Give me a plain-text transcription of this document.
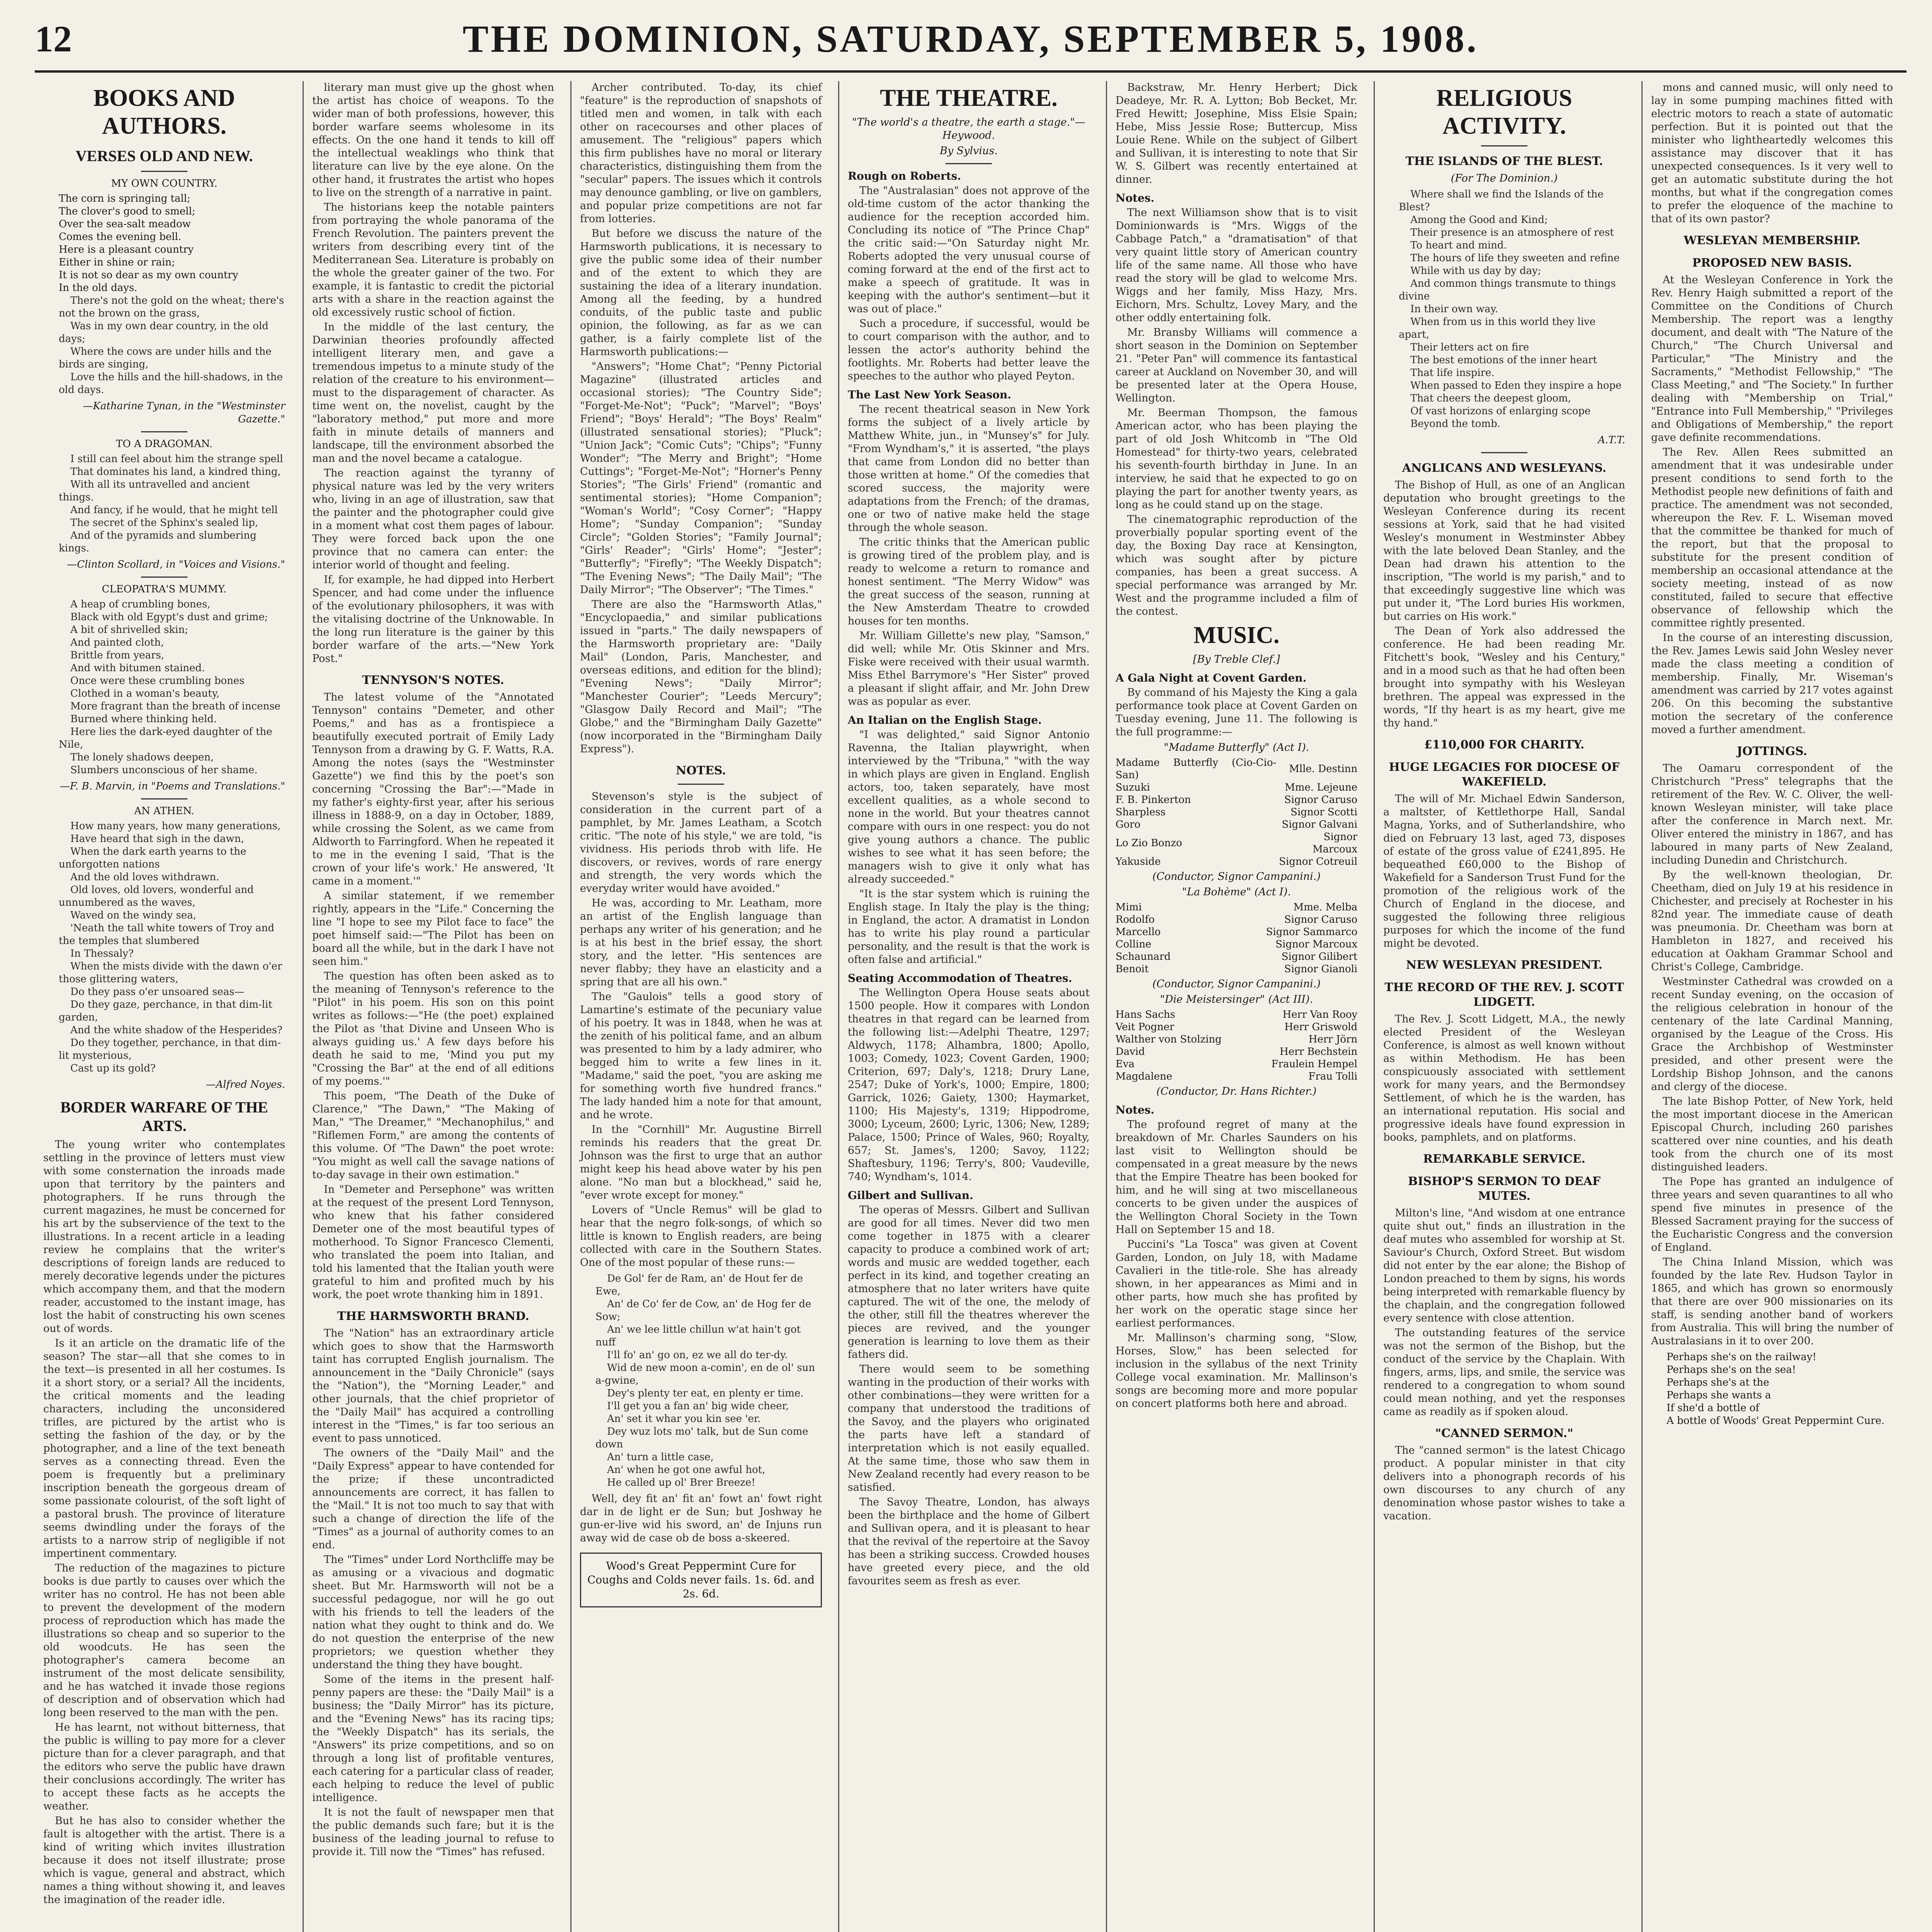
12	THE DOMINION, SATURDAY, SEPTEMBER 5, 1908.
BOOKS AND AUTHORS.
VERSES OLD AND NEW.
MY OWN COUNTRY.
The corn is springing tall;
The clover's good to smell;
Over the sea-salt meadow
Comes the evening bell.
Here is a pleasant country
Either in shine or rain;
It is not so dear as my own country
In the old days.
There's not the gold on the wheat; there's not the brown on the grass,
Was in my own dear country, in the old days;
Where the cows are under hills and the birds are singing,
Love the hills and the hill-shadows, in the old days.
—Katharine Tynan, in the "Westminster Gazette."
TO A DRAGOMAN.
I still can feel about him the strange spell
That dominates his land, a kindred thing,
With all its untravelled and ancient things.
And fancy, if he would, that he might tell
The secret of the Sphinx's sealed lip,
And of the pyramids and slumbering kings.
—Clinton Scollard, in "Voices and Visions."
CLEOPATRA'S MUMMY.
A heap of crumbling bones,
Black with old Egypt's dust and grime;
A bit of shrivelled skin;
And painted cloth,
Brittle from years,
And with bitumen stained.
Once were these crumbling bones
Clothed in a woman's beauty,
More fragrant than the breath of incense
Burned where thinking held.
Here lies the dark-eyed daughter of the Nile,
The lonely shadows deepen,
Slumbers unconscious of her shame.
—F. B. Marvin, in "Poems and Translations."
AN ATHEN.
How many years, how many generations,
Have heard that sigh in the dawn,
When the dark earth yearns to the unforgotten nations
And the old loves withdrawn.
Old loves, old lovers, wonderful and unnumbered as the waves,
Waved on the windy sea,
'Neath the tall white towers of Troy and the temples that slumbered
In Thessaly?
When the mists divide with the dawn o'er those glittering waters,
Do they pass o'er unsoared seas—
Do they gaze, perchance, in that dim-lit garden,
And the white shadow of the Hesperides?
Do they together, perchance, in that dim-lit mysterious,
Cast up its gold?
—Alfred Noyes.
BORDER WARFARE OF THE ARTS.

The young writer who contemplates settling in the province of letters must view with some consternation the inroads made upon that territory by the painters and photographers. If he runs through the current magazines, he must be concerned for his art by the subservience of the text to the illustrations. In a recent article in a leading review he complains that the writer's descriptions of foreign lands are reduced to merely decorative legends under the pictures which accompany them, and that the modern reader, accustomed to the instant image, has lost the habit of constructing his own scenes out of words.

Is it an article on the dramatic life of the season? The star—all that she comes to in the text—is presented in all her costumes. Is it a short story, or a serial? All the incidents, the critical moments and the leading characters, including the unconsidered trifles, are pictured by the artist who is setting the fashion of the day, or by the photographer, and a line of the text beneath serves as a connecting thread. Even the poem is frequently but a preliminary inscription beneath the gorgeous dream of some passionate colourist, of the soft light of a pastoral brush. The province of literature seems dwindling under the forays of the artists to a narrow strip of negligible if not impertinent commentary.

The reduction of the magazines to picture books is due partly to causes over which the writer has no control. He has not been able to prevent the development of the modern process of reproduction which has made the illustrations so cheap and so superior to the old woodcuts. He has seen the photographer's camera become an instrument of the most delicate sensibility, and he has watched it invade those regions of description and of observation which had long been reserved to the man with the pen.

He has learnt, not without bitterness, that the public is willing to pay more for a clever picture than for a clever paragraph, and that the editors who serve the public have drawn their conclusions accordingly. The writer has to accept these facts as he accepts the weather.

But he has also to consider whether the fault is altogether with the artist. There is a kind of writing which invites illustration because it does not itself illustrate; prose which is vague, general and abstract, which names a thing without showing it, and leaves the imagination of the reader idle.

literary man must give up the ghost when the artist has choice of weapons. To the wider man of both professions, however, this border warfare seems wholesome in its effects. On the one hand it tends to kill off the intellectual weaklings who think that literature can live by the eye alone. On the other hand, it frustrates the artist who hopes to live on the strength of a narrative in paint.

The historians keep the notable painters from portraying the whole panorama of the French Revolution. The painters prevent the writers from describing every tint of the Mediterranean Sea. Literature is probably on the whole the greater gainer of the two. For example, it is fantastic to credit the pictorial arts with a share in the reaction against the old excessively rustic school of fiction.

In the middle of the last century, the Darwinian theories profoundly affected intelligent literary men, and gave a tremendous impetus to a minute study of the relation of the creature to his environment—must to the disparagement of character. As time went on, the novelist, caught by the "laboratory method," put more and more faith in minute details of manners and landscape, till the environment absorbed the man and the novel became a catalogue.

The reaction against the tyranny of physical nature was led by the very writers who, living in an age of illustration, saw that the painter and the photographer could give in a moment what cost them pages of labour. They were forced back upon the one province that no camera can enter: the interior world of thought and feeling.

If, for example, he had dipped into Herbert Spencer, and had come under the influence of the evolutionary philosophers, it was with the vitalising doctrine of the Unknowable. In the long run literature is the gainer by this border warfare of the arts.—"New York Post."

TENNYSON'S NOTES.

The latest volume of the "Annotated Tennyson" contains "Demeter, and other Poems," and has as a frontispiece a beautifully executed portrait of Emily Lady Tennyson from a drawing by G. F. Watts, R.A. Among the notes (says the "Westminster Gazette") we find this by the poet's son concerning "Crossing the Bar":—"Made in my father's eighty-first year, after his serious illness in 1888-9, on a day in October, 1889, while crossing the Solent, as we came from Aldworth to Farringford. When he repeated it to me in the evening I said, 'That is the crown of your life's work.' He answered, 'It came in a moment.'"

A similar statement, if we remember rightly, appears in the "Life." Concerning the line "I hope to see my Pilot face to face" the poet himself said:—"The Pilot has been on board all the while, but in the dark I have not seen him."

The question has often been asked as to the meaning of Tennyson's reference to the "Pilot" in his poem. His son on this point writes as follows:—"He (the poet) explained the Pilot as 'that Divine and Unseen Who is always guiding us.' A few days before his death he said to me, 'Mind you put my "Crossing the Bar" at the end of all editions of my poems.'"

This poem, "The Death of the Duke of Clarence," "The Dawn," "The Making of Man," "The Dreamer," "Mechanophilus," and "Riflemen Form," are among the contents of this volume. Of "The Dawn" the poet wrote: "You might as well call the savage nations of to-day savage in their own estimation."

In "Demeter and Persephone" was written at the request of the present Lord Tennyson, who knew that his father considered Demeter one of the most beautiful types of motherhood. To Signor Francesco Clementi, who translated the poem into Italian, and told his lamented that the Italian youth were grateful to him and profited much by his work, the poet wrote thanking him in 1891.

THE HARMSWORTH BRAND.

The "Nation" has an extraordinary article which goes to show that the Harmsworth taint has corrupted English journalism. The announcement in the "Daily Chronicle" (says the "Nation"), the "Morning Leader," and other journals, that the chief proprietor of the "Daily Mail" has acquired a controlling interest in the "Times," is far too serious an event to pass unnoticed.

The owners of the "Daily Mail" and the "Daily Express" appear to have contended for the prize; if these uncontradicted announcements are correct, it has fallen to the "Mail." It is not too much to say that with such a change of direction the life of the "Times" as a journal of authority comes to an end.

The "Times" under Lord Northcliffe may be as amusing or a vivacious and dogmatic sheet. But Mr. Harmsworth will not be a successful pedagogue, nor will he go out with his friends to tell the leaders of the nation what they ought to think and do. We do not question the enterprise of the new proprietors; we question whether they understand the thing they have bought.

Some of the items in the present half-penny papers are these: the "Daily Mail" is a business; the "Daily Mirror" has its picture, and the "Evening News" has its racing tips; the "Weekly Dispatch" has its serials, the "Answers" its prize competitions, and so on through a long list of profitable ventures, each catering for a particular class of reader, each helping to reduce the level of public intelligence.

It is not the fault of newspaper men that the public demands such fare; but it is the business of the leading journal to refuse to provide it. Till now the "Times" has refused.

Archer contributed. To-day, its chief "feature" is the reproduction of snapshots of titled men and women, in talk with each other on racecourses and other places of amusement. The "religious" papers which this firm publishes have no moral or literary characteristics, distinguishing them from the "secular" papers. The issues which it controls may denounce gambling, or live on gamblers, and popular prize competitions are not far from lotteries.

But before we discuss the nature of the Harmsworth publications, it is necessary to give the public some idea of their number and of the extent to which they are sustaining the idea of a literary inundation. Among all the feeding, by a hundred conduits, of the public taste and public opinion, the following, as far as we can gather, is a fairly complete list of the Harmsworth publications:—

"Answers"; "Home Chat"; "Penny Pictorial Magazine" (illustrated articles and occasional stories); "The Country Side"; "Forget-Me-Not"; "Puck"; "Marvel"; "Boys' Friend"; "Boys' Herald"; "The Boys' Realm" (illustrated sensational stories); "Pluck"; "Union Jack"; "Comic Cuts"; "Chips"; "Funny Wonder"; "The Merry and Bright"; "Home Cuttings"; "Forget-Me-Not"; "Horner's Penny Stories"; "The Girls' Friend" (romantic and sentimental stories); "Home Companion"; "Woman's World"; "Cosy Corner"; "Happy Home"; "Sunday Companion"; "Sunday Circle"; "Golden Stories"; "Family Journal"; "Girls' Reader"; "Girls' Home"; "Jester"; "Butterfly"; "Firefly"; "The Weekly Dispatch"; "The Evening News"; "The Daily Mail"; "The Daily Mirror"; "The Observer"; "The Times."

There are also the "Harmsworth Atlas," "Encyclopaedia," and similar publications issued in "parts." The daily newspapers of the Harmsworth proprietary are: "Daily Mail" (London, Paris, Manchester, and overseas editions, and edition for the blind); "Evening News"; "Daily Mirror"; "Manchester Courier"; "Leeds Mercury"; "Glasgow Daily Record and Mail"; "The Globe," and the "Birmingham Daily Gazette" (now incorporated in the "Birmingham Daily Express").

NOTES.

Stevenson's style is the subject of consideration in the current part of a pamphlet, by Mr. James Leatham, a Scotch critic. "The note of his style," we are told, "is vividness. His periods throb with life. He discovers, or revives, words of rare energy and strength, the very words which the everyday writer would have avoided."

He was, according to Mr. Leatham, more an artist of the English language than perhaps any writer of his generation; and he is at his best in the brief essay, the short story, and the letter. "His sentences are never flabby; they have an elasticity and a spring that are all his own."

The "Gaulois" tells a good story of Lamartine's estimate of the pecuniary value of his poetry. It was in 1848, when he was at the zenith of his political fame, and an album was presented to him by a lady admirer, who begged him to write a few lines in it. "Madame," said the poet, "you are asking me for something worth five hundred francs." The lady handed him a note for that amount, and he wrote.

In the "Cornhill" Mr. Augustine Birrell reminds his readers that the great Dr. Johnson was the first to urge that an author might keep his head above water by his pen alone. "No man but a blockhead," said he, "ever wrote except for money."

Lovers of "Uncle Remus" will be glad to hear that the negro folk-songs, of which so little is known to English readers, are being collected with care in the Southern States. One of the most popular of these runs:—

De Gol' fer de Ram, an' de Hout fer de Ewe,
An' de Co' fer de Cow, an' de Hog fer de Sow;
An' we lee little chillun w'at hain't got nuff
I'll fo' an' go on, ez we all do ter-dy.
Wid de new moon a-comin', en de ol' sun a-gwine,
Dey's plenty ter eat, en plenty er time.
I'll get you a fan an' big wide cheer,
An' set it whar you kin see 'er.
Dey wuz lots mo' talk, but de Sun come down
An' turn a little case,
An' when he got one awful hot,
He called up ol' Brer Breeze!

Well, dey fit an' fit an' fowt an' fowt right dar in de light er de Sun; but Joshway he gun-er-live wid his sword, an' de Injuns run away wid de case ob de boss a-skeered.

Wood's Great Peppermint Cure for Coughs and Colds never fails. 1s. 6d. and 2s. 6d.
THE THEATRE.
"The world's a theatre, the earth a stage."—Heywood.
By Sylvius.
Rough on Roberts.

The "Australasian" does not approve of the old-time custom of the actor thanking the audience for the reception accorded him. Concluding its notice of "The Prince Chap" the critic said:—"On Saturday night Mr. Roberts adopted the very unusual course of coming forward at the end of the first act to make a speech of gratitude. It was in keeping with the author's sentiment—but it was out of place."

Such a procedure, if successful, would be to court comparison with the author, and to lessen the actor's authority behind the footlights. Mr. Roberts had better leave the speeches to the author who played Peyton.

The Last New York Season.

The recent theatrical season in New York forms the subject of a lively article by Matthew White, jun., in "Munsey's" for July. "From Wyndham's," it is asserted, "the plays that came from London did no better than those written at home." Of the comedies that scored success, the majority were adaptations from the French; of the dramas, one or two of native make held the stage through the whole season.

The critic thinks that the American public is growing tired of the problem play, and is ready to welcome a return to romance and honest sentiment. "The Merry Widow" was the great success of the season, running at the New Amsterdam Theatre to crowded houses for ten months.

Mr. William Gillette's new play, "Samson," did well; while Mr. Otis Skinner and Mrs. Fiske were received with their usual warmth. Miss Ethel Barrymore's "Her Sister" proved a pleasant if slight affair, and Mr. John Drew was as popular as ever.

An Italian on the English Stage.

"I was delighted," said Signor Antonio Ravenna, the Italian playwright, when interviewed by the "Tribuna," "with the way in which plays are given in England. English actors, too, taken separately, have most excellent qualities, as a whole second to none in the world. But your theatres cannot compare with ours in one respect: you do not give young authors a chance. The public wishes to see what it has seen before; the managers wish to give it only what has already succeeded."

"It is the star system which is ruining the English stage. In Italy the play is the thing; in England, the actor. A dramatist in London has to write his play round a particular personality, and the result is that the work is often false and artificial."

Seating Accommodation of Theatres.

The Wellington Opera House seats about 1500 people. How it compares with London theatres in that regard can be learned from the following list:—Adelphi Theatre, 1297; Aldwych, 1178; Alhambra, 1800; Apollo, 1003; Comedy, 1023; Covent Garden, 1900; Criterion, 697; Daly's, 1218; Drury Lane, 2547; Duke of York's, 1000; Empire, 1800; Garrick, 1026; Gaiety, 1300; Haymarket, 1100; His Majesty's, 1319; Hippodrome, 3000; Lyceum, 2600; Lyric, 1306; New, 1289; Palace, 1500; Prince of Wales, 960; Royalty, 657; St. James's, 1200; Savoy, 1122; Shaftesbury, 1196; Terry's, 800; Vaudeville, 740; Wyndham's, 1014.

Gilbert and Sullivan.

The operas of Messrs. Gilbert and Sullivan are good for all times. Never did two men come together in 1875 with a clearer capacity to produce a combined work of art; words and music are wedded together, each perfect in its kind, and together creating an atmosphere that no later writers have quite captured. The wit of the one, the melody of the other, still fill the theatres wherever the pieces are revived, and the younger generation is learning to love them as their fathers did.

There would seem to be something wanting in the production of their works with other combinations—they were written for a company that understood the traditions of the Savoy, and the players who originated the parts have left a standard of interpretation which is not easily equalled. At the same time, those who saw them in New Zealand recently had every reason to be satisfied.

The Savoy Theatre, London, has always been the birthplace and the home of Gilbert and Sullivan opera, and it is pleasant to hear that the revival of the repertoire at the Savoy has been a striking success. Crowded houses have greeted every piece, and the old favourites seem as fresh as ever.

Backstraw, Mr. Henry Herbert; Dick Deadeye, Mr. R. A. Lytton; Bob Becket, Mr. Fred Hewitt; Josephine, Miss Elsie Spain; Hebe, Miss Jessie Rose; Buttercup, Miss Louie Rene. While on the subject of Gilbert and Sullivan, it is interesting to note that Sir W. S. Gilbert was recently entertained at dinner.

Notes.

The next Williamson show that is to visit Dominionwards is "Mrs. Wiggs of the Cabbage Patch," a "dramatisation" of that very quaint little story of American country life of the same name. All those who have read the story will be glad to welcome Mrs. Wiggs and her family, Miss Hazy, Mrs. Eichorn, Mrs. Schultz, Lovey Mary, and the other oddly entertaining folk.

Mr. Bransby Williams will commence a short season in the Dominion on September 21. "Peter Pan" will commence its fantastical career at Auckland on November 30, and will be presented later at the Opera House, Wellington.

Mr. Beerman Thompson, the famous American actor, who has been playing the part of old Josh Whitcomb in "The Old Homestead" for thirty-two years, celebrated his seventh-fourth birthday in June. In an interview, he said that he expected to go on playing the part for another twenty years, as long as he could stand up on the stage.

The cinematographic reproduction of the proverbially popular sporting event of the day, the Boxing Day race at Kensington, which was sought after by picture companies, has been a great success. A special performance was arranged by Mr. West and the programme included a film of the contest.

MUSIC.
[By Treble Clef.]
A Gala Night at Covent Garden.

By command of his Majesty the King a gala performance took place at Covent Garden on Tuesday evening, June 11. The following is the full programme:—

"Madame Butterfly" (Act I).
Madame Butterfly (Cio-Cio-San)	Mlle. Destinn
Suzuki	Mme. Lejeune
F. B. Pinkerton	Signor Caruso
Sharpless	Signor Scotti
Goro	Signor Galvani
Lo Zio Bonzo	Signor Marcoux
Yakuside	Signor Cotreuil
(Conductor, Signor Campanini.)
"La Bohème" (Act I).
Mimi	Mme. Melba
Rodolfo	Signor Caruso
Marcello	Signor Sammarco
Colline	Signor Marcoux
Schaunard	Signor Gilibert
Benoit	Signor Gianoli
(Conductor, Signor Campanini.)
"Die Meistersinger" (Act III).
Hans Sachs	Herr Van Rooy
Veit Pogner	Herr Griswold
Walther von Stolzing	Herr Jörn
David	Herr Bechstein
Eva	Fraulein Hempel
Magdalene	Frau Tolli
(Conductor, Dr. Hans Richter.)
Notes.

The profound regret of many at the breakdown of Mr. Charles Saunders on his last visit to Wellington should be compensated in a great measure by the news that the Empire Theatre has been booked for him, and he will sing at two miscellaneous concerts to be given under the auspices of the Wellington Choral Society in the Town Hall on September 15 and 18.

Puccini's "La Tosca" was given at Covent Garden, London, on July 18, with Madame Cavalieri in the title-role. She has already shown, in her appearances as Mimi and in other parts, how much she has profited by her work on the operatic stage since her earliest performances.

Mr. Mallinson's charming song, "Slow, Horses, Slow," has been selected for inclusion in the syllabus of the next Trinity College vocal examination. Mr. Mallinson's songs are becoming more and more popular on concert platforms both here and abroad.

RELIGIOUS ACTIVITY.
THE ISLANDS OF THE BLEST.
(For The Dominion.)
Where shall we find the Islands of the Blest?
Among the Good and Kind;
Their presence is an atmosphere of rest
To heart and mind.
The hours of life they sweeten and refine
While with us day by day;
And common things transmute to things divine
In their own way.
When from us in this world they live apart,
Their letters act on fire
The best emotions of the inner heart
That life inspire.
When passed to Eden they inspire a hope
That cheers the deepest gloom,
Of vast horizons of enlarging scope
Beyond the tomb.
A.T.T.
ANGLICANS AND WESLEYANS.

The Bishop of Hull, as one of an Anglican deputation who brought greetings to the Wesleyan Conference during its recent sessions at York, said that he had visited Wesley's monument in Westminster Abbey with the late beloved Dean Stanley, and the Dean had drawn his attention to the inscription, "The world is my parish," and to that exceedingly suggestive line which was put under it, "The Lord buries His workmen, but carries on His work."

The Dean of York also addressed the conference. He had been reading Mr. Fitchett's book, "Wesley and his Century," and in a mood such as that he had often been brought into sympathy with his Wesleyan brethren. The appeal was expressed in the words, "If thy heart is as my heart, give me thy hand."

£110,000 FOR CHARITY.
HUGE LEGACIES FOR DIOCESE OF WAKEFIELD.

The will of Mr. Michael Edwin Sanderson, a maltster, of Kettlethorpe Hall, Sandal Magna, Yorks, and of Sutherlandshire, who died on February 13 last, aged 73, disposes of estate of the gross value of £241,895. He bequeathed £60,000 to the Bishop of Wakefield for a Sanderson Trust Fund for the promotion of the religious work of the Church of England in the diocese, and suggested the following three religious purposes for which the income of the fund might be devoted.

NEW WESLEYAN PRESIDENT.
THE RECORD OF THE REV. J. SCOTT LIDGETT.

The Rev. J. Scott Lidgett, M.A., the newly elected President of the Wesleyan Conference, is almost as well known without as within Methodism. He has been conspicuously associated with settlement work for many years, and the Bermondsey Settlement, of which he is the warden, has an international reputation. His social and progressive ideals have found expression in books, pamphlets, and on platforms.

REMARKABLE SERVICE.
BISHOP'S SERMON TO DEAF MUTES.

Milton's line, "And wisdom at one entrance quite shut out," finds an illustration in the deaf mutes who assembled for worship at St. Saviour's Church, Oxford Street. But wisdom did not enter by the ear alone; the Bishop of London preached to them by signs, his words being interpreted with remarkable fluency by the chaplain, and the congregation followed every sentence with close attention.

The outstanding features of the service was not the sermon of the Bishop, but the conduct of the service by the Chaplain. With fingers, arms, lips, and smile, the service was rendered to a congregation to whom sound could mean nothing, and yet the responses came as readily as if spoken aloud.

"CANNED SERMON."

The "canned sermon" is the latest Chicago product. A popular minister in that city delivers into a phonograph records of his own discourses to any church of any denomination whose pastor wishes to take a vacation.

mons and canned music, will only need to lay in some pumping machines fitted with electric motors to reach a state of automatic perfection. But it is pointed out that the minister who lightheartedly welcomes this assistance may discover that it has unexpected consequences. Is it very well to get an automatic substitute during the hot months, but what if the congregation comes to prefer the eloquence of the machine to that of its own pastor?

WESLEYAN MEMBERSHIP.
PROPOSED NEW BASIS.

At the Wesleyan Conference in York the Rev. Henry Haigh submitted a report of the Committee on the Conditions of Church Membership. The report was a lengthy document, and dealt with "The Nature of the Church," "The Church Universal and Particular," "The Ministry and the Sacraments," "Methodist Fellowship," "The Class Meeting," and "The Society." In further dealing with "Membership on Trial," "Entrance into Full Membership," "Privileges and Obligations of Membership," the report gave definite recommendations.

The Rev. Allen Rees submitted an amendment that it was undesirable under present conditions to send forth to the Methodist people new definitions of faith and practice. The amendment was not seconded, whereupon the Rev. F. L. Wiseman moved that the committee be thanked for much of the report, but that the proposal to substitute for the present condition of membership an occasional attendance at the society meeting, instead of as now constituted, failed to secure that effective observance of fellowship which the committee rightly presented.

In the course of an interesting discussion, the Rev. James Lewis said John Wesley never made the class meeting a condition of membership. Finally, Mr. Wiseman's amendment was carried by 217 votes against 206. On this becoming the substantive motion the secretary of the conference moved a further amendment.

JOTTINGS.

The Oamaru correspondent of the Christchurch "Press" telegraphs that the retirement of the Rev. W. C. Oliver, the well-known Wesleyan minister, will take place after the conference in March next. Mr. Oliver entered the ministry in 1867, and has laboured in many parts of New Zealand, including Dunedin and Christchurch.

By the well-known theologian, Dr. Cheetham, died on July 19 at his residence in Chichester, and precisely at Rochester in his 82nd year. The immediate cause of death was pneumonia. Dr. Cheetham was born at Hambleton in 1827, and received his education at Oakham Grammar School and Christ's College, Cambridge.

Westminster Cathedral was crowded on a recent Sunday evening, on the occasion of the religious celebration in honour of the centenary of the late Cardinal Manning, organised by the League of the Cross. His Grace the Archbishop of Westminster presided, and other present were the Lordship Bishop Johnson, and the canons and clergy of the diocese.

The late Bishop Potter, of New York, held the most important diocese in the American Episcopal Church, including 260 parishes scattered over nine counties, and his death took from the church one of its most distinguished leaders.

The Pope has granted an indulgence of three years and seven quarantines to all who spend five minutes in presence of the Blessed Sacrament praying for the success of the Eucharistic Congress and the conversion of England.

The China Inland Mission, which was founded by the late Rev. Hudson Taylor in 1865, and which has grown so enormously that there are over 900 missionaries on its staff, is sending another band of workers from Australia. This will bring the number of Australasians in it to over 200.

Perhaps she's on the railway!
Perhaps she's on the sea!
Perhaps she's at the
Perhaps she wants a
If she'd a bottle of
A bottle of Woods' Great Peppermint Cure.
